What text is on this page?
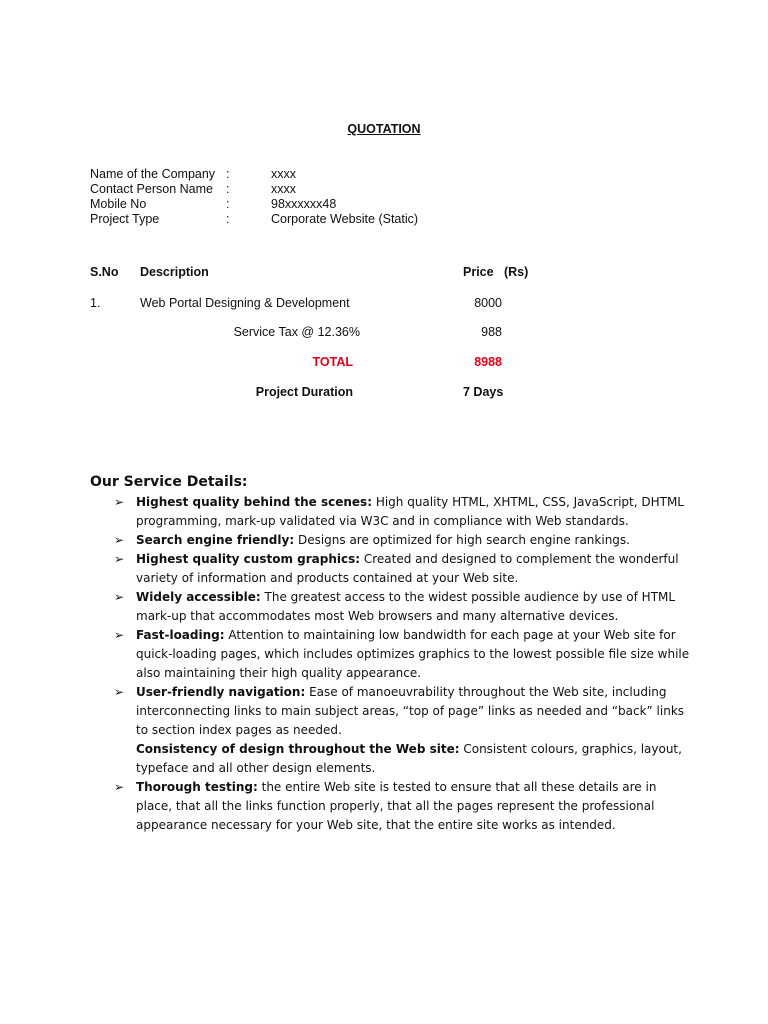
QUOTATION
Name of the Company :	xxxx
Contact Person Name :	xxxx
Mobile No	:	98xxxxxx48
Project Type	:	Corporate Website (Static)
S.No Description	Price   (Rs)
1.	Web Portal Designing & Development	8000
Service Tax @ 12.36%	988
TOTAL	8988
Project Duration	7 Days
Our Service Details:
➢ Highest quality behind the scenes: High quality HTML, XHTML, CSS, JavaScript, DHTML programming, mark-up validated via W3C and in compliance with Web standards.
➢ Search engine friendly: Designs are optimized for high search engine rankings.
➢ Highest quality custom graphics: Created and designed to complement the wonderful variety of information and products contained at your Web site.
➢ Widely accessible: The greatest access to the widest possible audience by use of HTML mark-up that accommodates most Web browsers and many alternative devices.
➢ Fast-loading: Attention to maintaining low bandwidth for each page at your Web site for quick-loading pages, which includes optimizes graphics to the lowest possible file size while also maintaining their high quality appearance.
➢ User-friendly navigation: Ease of manoeuvrability throughout the Web site, including interconnecting links to main subject areas, “top of page” links as needed and “back” links to section index pages as needed.
Consistency of design throughout the Web site: Consistent colours, graphics, layout, typeface and all other design elements.
➢ Thorough testing: the entire Web site is tested to ensure that all these details are in place, that all the links function properly, that all the pages represent the professional appearance necessary for your Web site, that the entire site works as intended.
